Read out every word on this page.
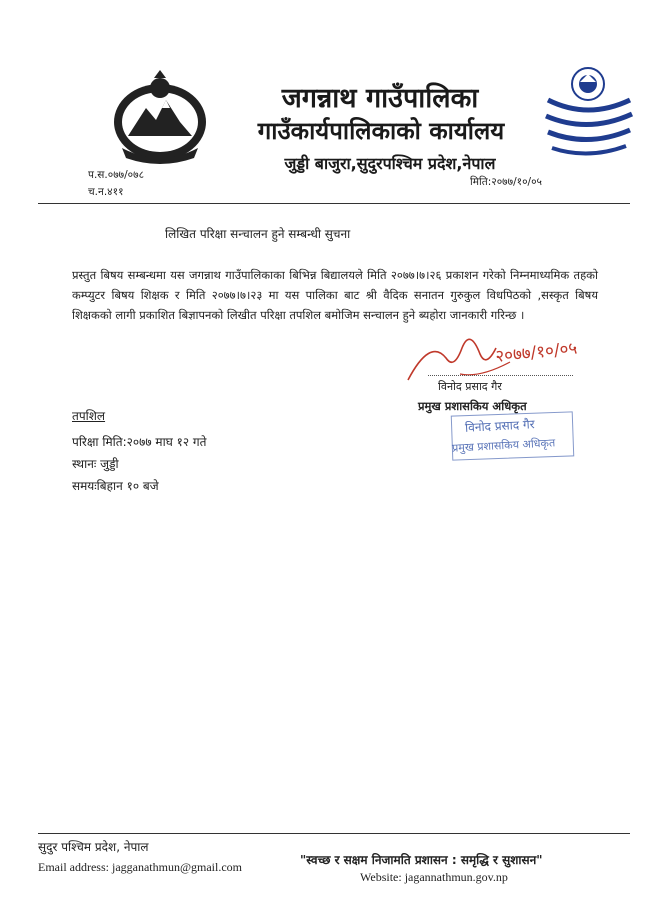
जगन्नाथ गाउँपालिका
गाउँकार्यपालिकाको कार्यालय
जुड्डी बाजुरा,सुदुरपश्चिम प्रदेश,नेपाल
प.स.०७७/०७८
च.न.४११
मिति:२०७७/१०/०५
लिखित परिक्षा सन्चालन हुने सम्बन्धी सुचना
प्रस्तुत बिषय सम्बन्धमा यस जगन्नाथ गाउँपालिकाका बिभिन्न बिद्यालयले मिति २०७७।७।२६ प्रकाशन गरेको निम्नमाध्यमिक तहको कम्प्युटर बिषय शिक्षक र मिति २०७७।७।२३ मा यस पालिका बाट श्री वैदिक सनातन गुरुकुल विधपिठको ,सस्कृत बिषय शिक्षकको लागी प्रकाशित बिज्ञापनको लिखीत परिक्षा तपशिल बमोजिम सन्चालन हुने ब्यहोरा जानकारी गरिन्छ ।
२०७७/१०/०५
विनोद प्रसाद गैर
प्रमुख प्रशासकिय अधिकृत
विनोद प्रसाद गैर
प्रमुख प्रशासकिय अधिकृत
तपशिल
परिक्षा मिति:२०७७ माघ १२ गते
स्थानः जुड्डी
समयःबिहान १० बजे
सुदुर पश्चिम प्रदेश, नेपाल
Email address: jagganathmun@gmail.com	"स्वच्छ र सक्षम निजामति प्रशासन : समृद्धि र सुशासन"
Website: jagannathmun.gov.np
